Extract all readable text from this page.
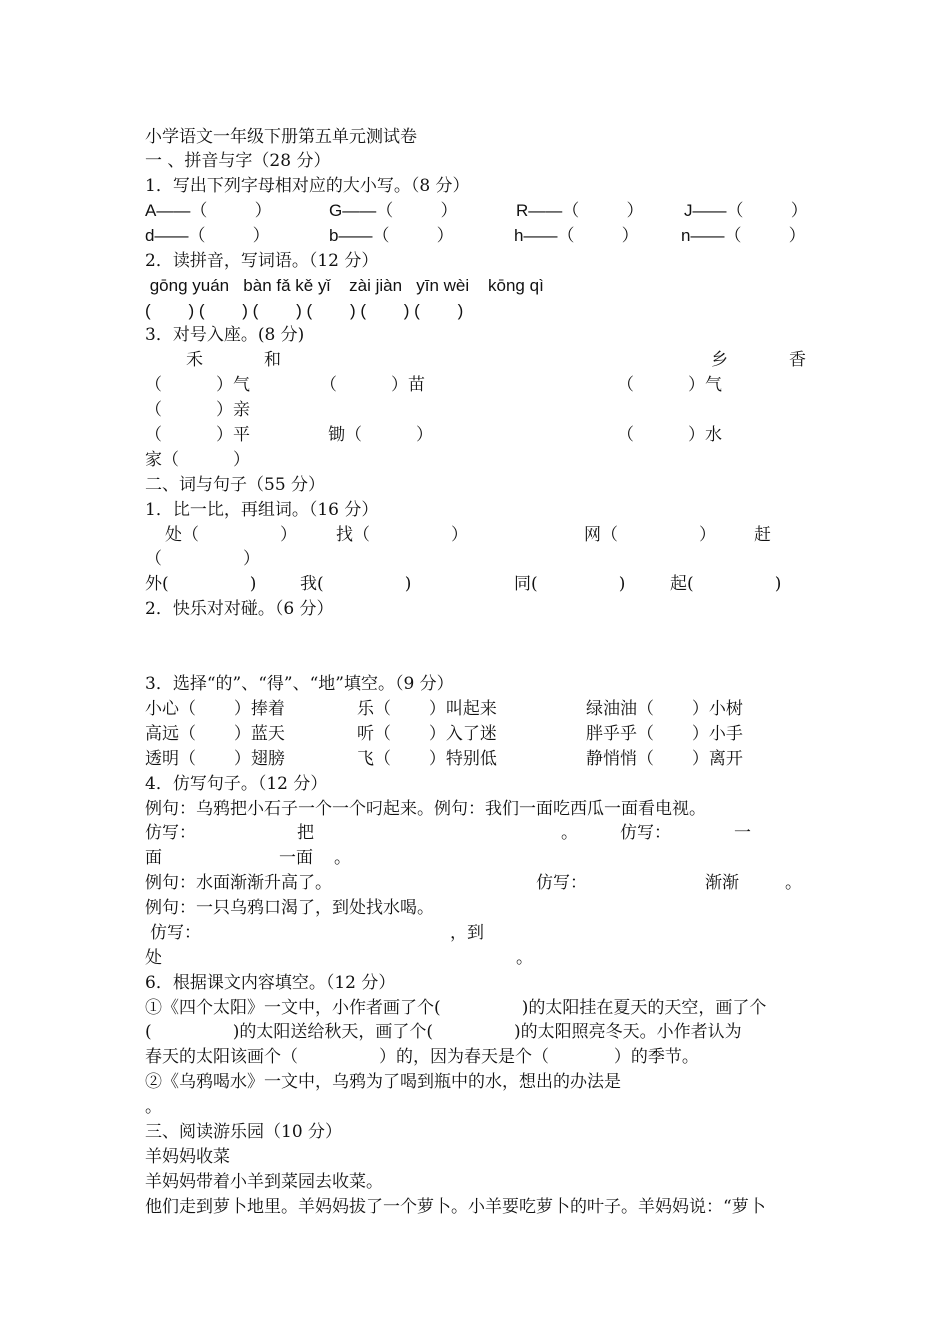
小学语文一年级下册第五单元测试卷
一 、拼音与字（28 分）
1．写出下列字母相对应的大小写。（8 分）
A——（          ）	G——（          ）	R——（          ） J——（          ）
d——（          ）	b——（          ）	h——（          ） n——（          ）
2．读拼音，写词语。（12 分）
gōng yuán   bàn fǎ kě yǐ    zài jiàn   yīn wèi    kōng qì
(        ) (        ) (        ) (        ) (        ) (        )
3．对号入座。(8 分)
禾	和	乡	香
（          ）气	（          ）苗	（          ）气
（          ）亲
（          ）平	锄（          ）	（          ）水
家（          ）
二、词与句子（55 分）
1．比一比，再组词。（16 分）
处（               ） 找（               ）	网（               ） 赶
（               ）
外(               )	我(               )	同(               )	起(               )
2．快乐对对碰。（6 分）
3．选择“的”、“得”、“地”填空。（9 分）
小心（       ）捧着	乐（       ）叫起来	绿油油（       ）小树
高远（       ）蓝天	听（       ）入了迷	胖乎乎（       ）小手
透明（       ）翅膀	飞（       ）特别低	静悄悄（       ）离开
4．仿写句子。（12 分）
例句：乌鸦把小石子一个一个叼起来。例句：我们一面吃西瓜一面看电视。
仿写：	把	。 仿写：	一
面	一面 。
例句：水面渐渐升高了。	仿写：	渐渐	。
例句：一只乌鸦口渴了，到处找水喝。
仿写：	，到
处	。
6．根据课文内容填空。（12 分）
①《四个太阳》一文中，小作者画了个(               )的太阳挂在夏天的天空，画了个
(               )的太阳送给秋天，画了个(               )的太阳照亮冬天。小作者认为
春天的太阳该画个（               ）的，因为春天是个（            ）的季节。
②《乌鸦喝水》一文中，乌鸦为了喝到瓶中的水，想出的办法是
。
三、阅读游乐园（10 分）
羊妈妈收菜
羊妈妈带着小羊到菜园去收菜。
他们走到萝卜地里。羊妈妈拔了一个萝卜。小羊要吃萝卜的叶子。羊妈妈说：“萝卜
